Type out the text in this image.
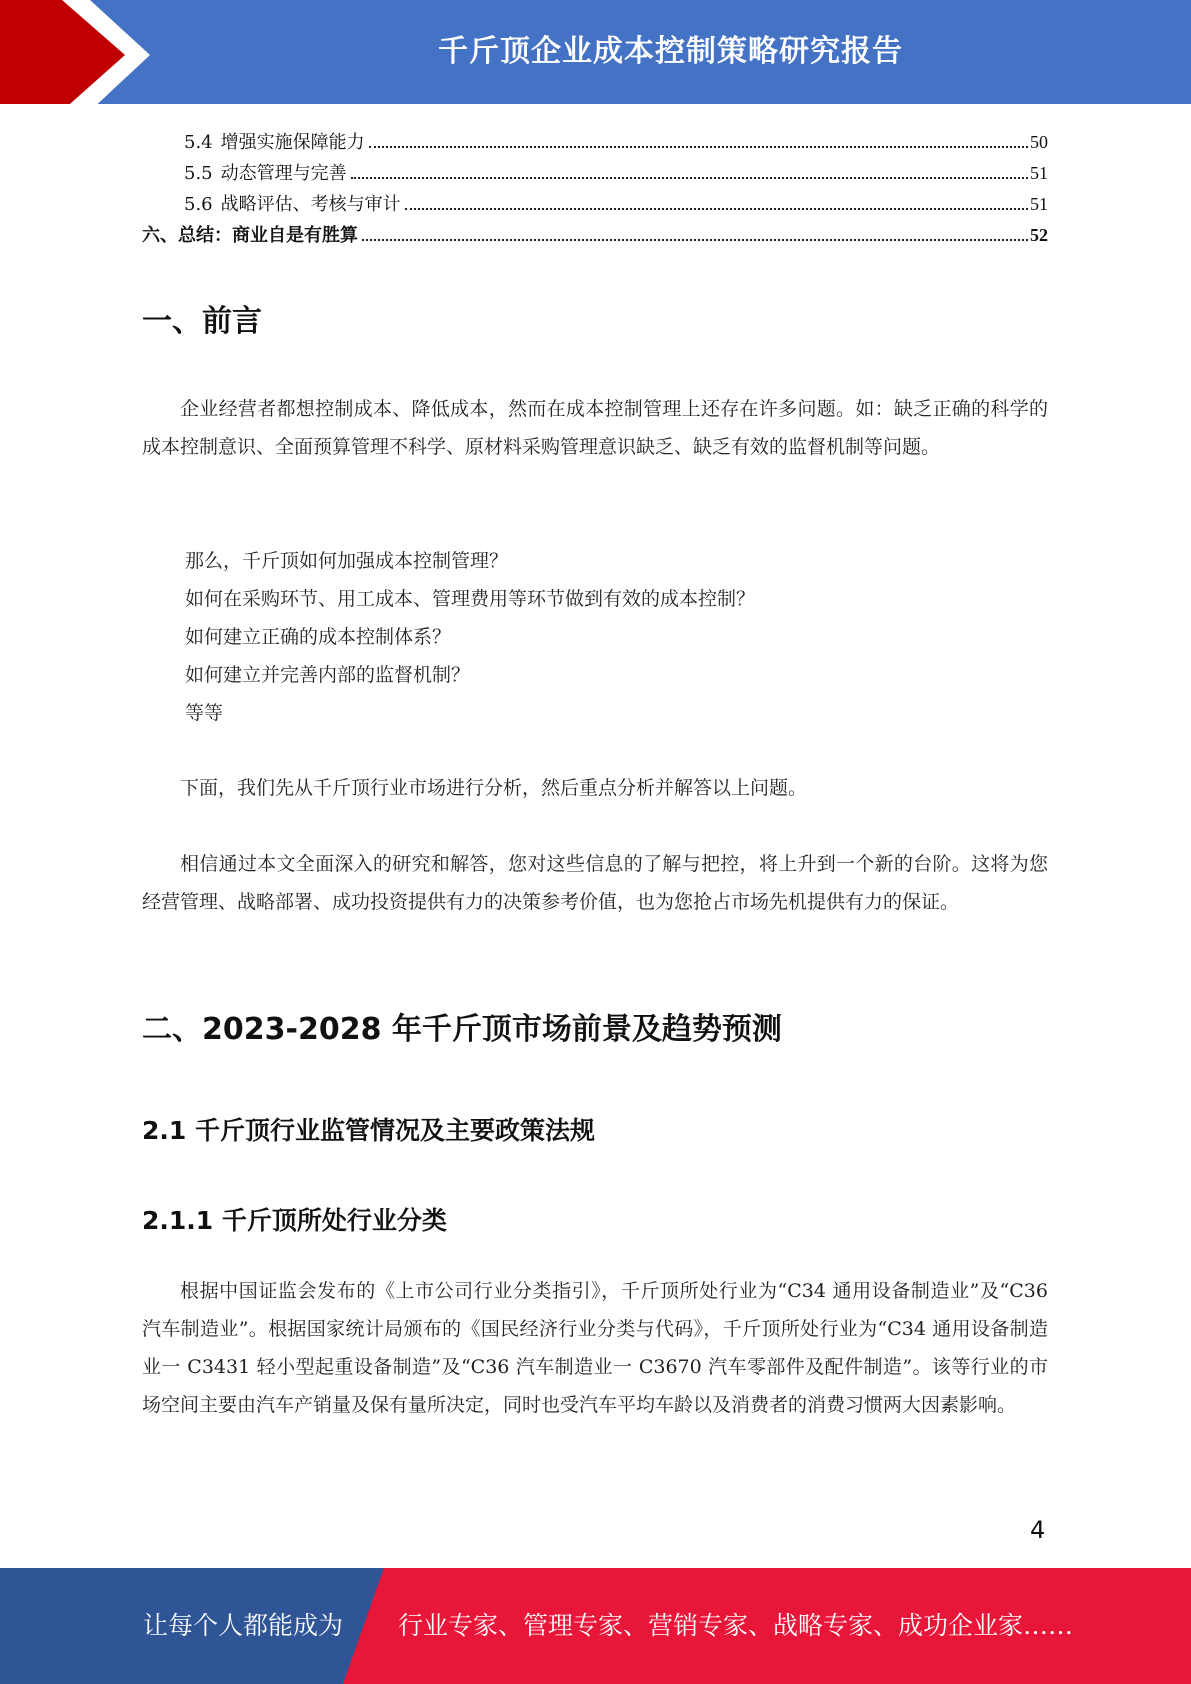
千斤顶企业成本控制策略研究报告
5.4 增强实施保障能力	50
5.5 动态管理与完善	51
5.6 战略评估、考核与审计	51
六、总结：商业自是有胜算	52
一、前言
企业经营者都想控制成本、降低成本，然而在成本控制管理上还存在许多问题。如：缺乏正确的科学的成本控制意识、全面预算管理不科学、原材料采购管理意识缺乏、缺乏有效的监督机制等问题。
那么，千斤顶如何加强成本控制管理？
如何在采购环节、用工成本、管理费用等环节做到有效的成本控制？
如何建立正确的成本控制体系？
如何建立并完善内部的监督机制？
等等
下面，我们先从千斤顶行业市场进行分析，然后重点分析并解答以上问题。
相信通过本文全面深入的研究和解答，您对这些信息的了解与把控，将上升到一个新的台阶。这将为您经营管理、战略部署、成功投资提供有力的决策参考价值，也为您抢占市场先机提供有力的保证。
二、2023-2028 年千斤顶市场前景及趋势预测
2.1 千斤顶行业监管情况及主要政策法规
2.1.1 千斤顶所处行业分类
根据中国证监会发布的《上市公司行业分类指引》，千斤顶所处行业为“C34 通用设备制造业”及“C36 汽车制造业”。根据国家统计局颁布的《国民经济行业分类与代码》，千斤顶所处行业为“C34 通用设备制造业一 C3431 轻小型起重设备制造”及“C36 汽车制造业一 C3670 汽车零部件及配件制造”。该等行业的市场空间主要由汽车产销量及保有量所决定，同时也受汽车平均车龄以及消费者的消费习惯两大因素影响。
4
让每个人都能成为 行业专家、管理专家、营销专家、战略专家、成功企业家……
